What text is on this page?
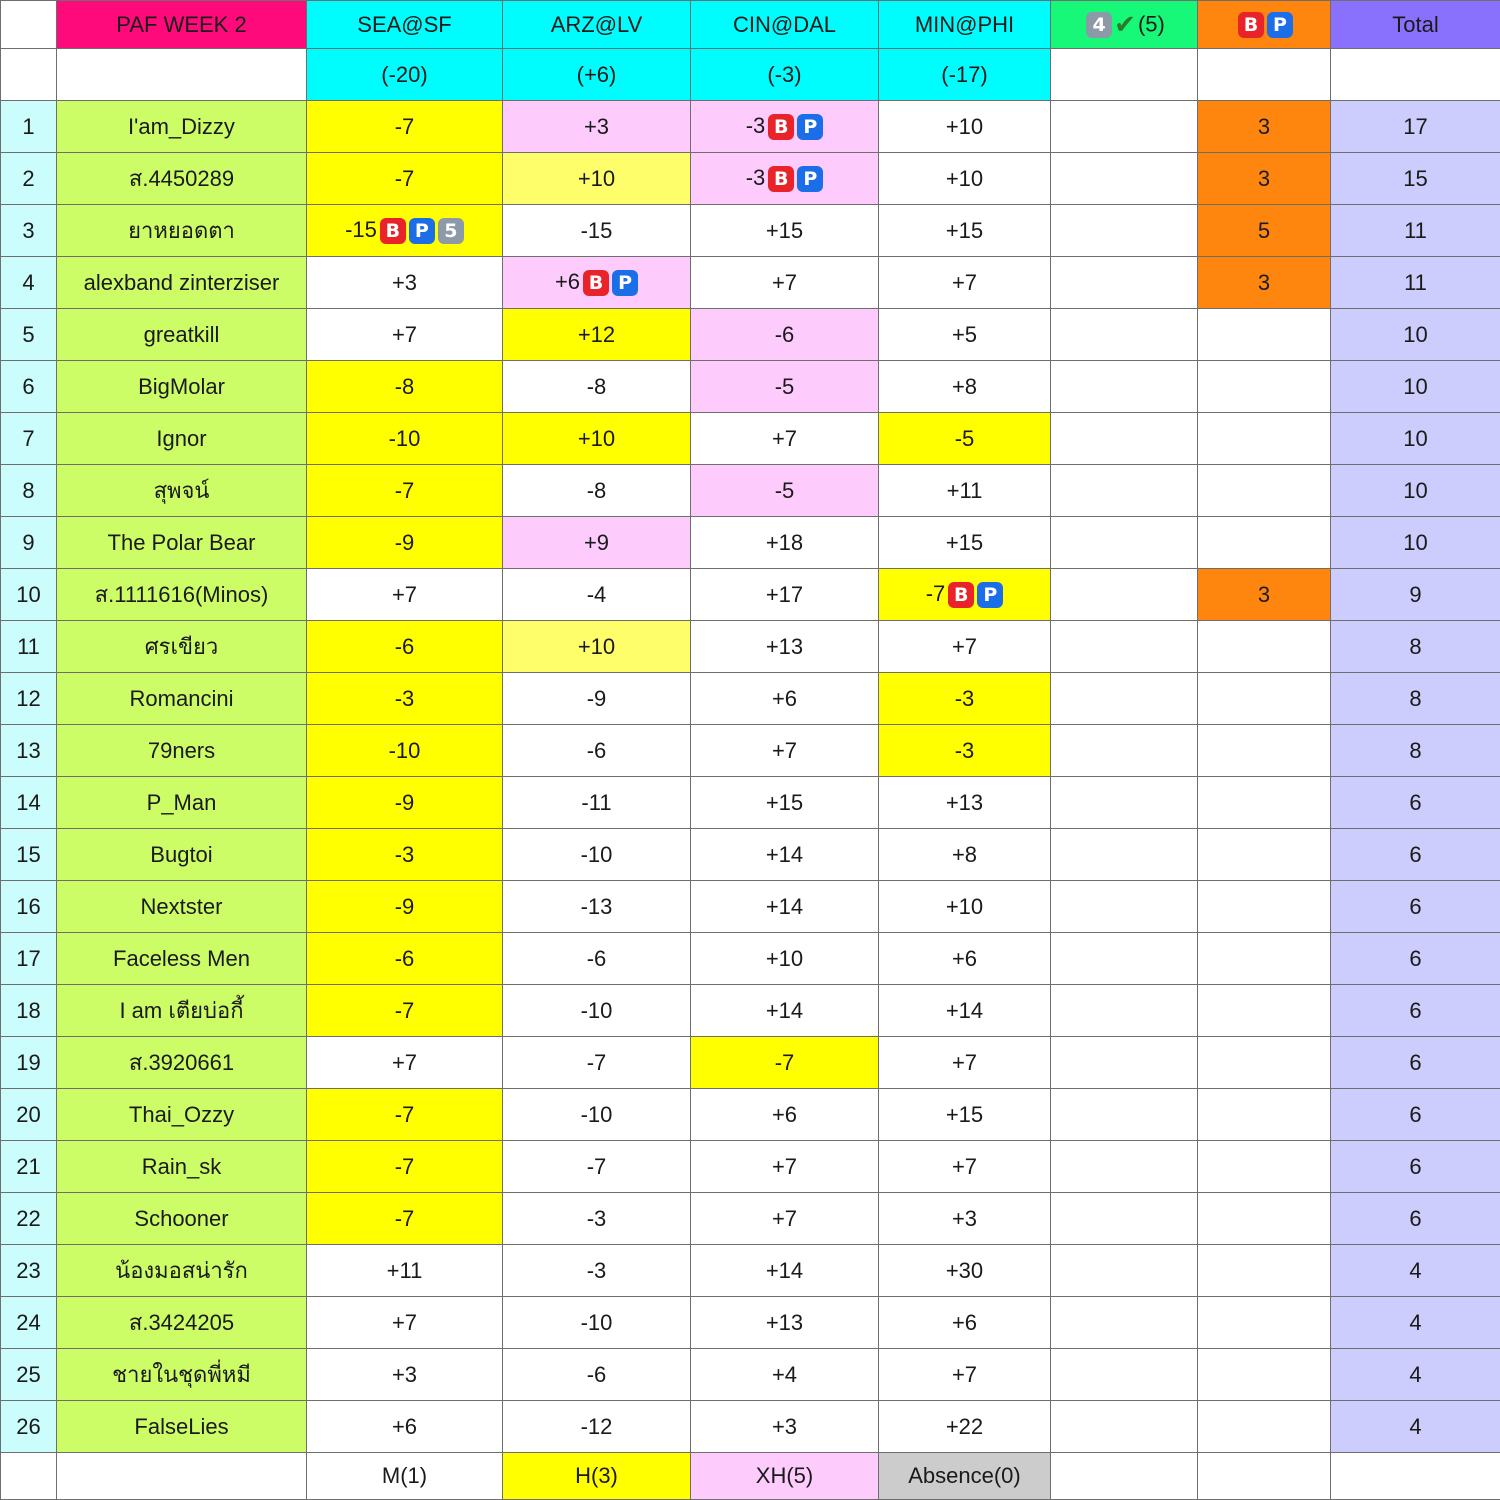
	PAF WEEK 2	SEA@SF	ARZ@LV	CIN@DAL	MIN@PHI	4 ✔(5)	B P	Total
		(-20)	(+6)	(-3)	(-17)			
1	I'am_Dizzy	-7	+3	-3 B P	+10		3	17
2	ส.4450289	-7	+10	-3 B P	+10		3	15
3	ยาหยอดตา	-15 B P 5	-15	+15	+15		5	11
4	alexband zinterziser	+3	+6 B P	+7	+7		3	11
5	greatkill	+7	+12	-6	+5			10
6	BigMolar	-8	-8	-5	+8			10
7	Ignor	-10	+10	+7	-5			10
8	สุพจน์	-7	-8	-5	+11			10
9	The Polar Bear	-9	+9	+18	+15			10
10	ส.1111616(Minos)	+7	-4	+17	-7 B P		3	9
11	ศรเขียว	-6	+10	+13	+7			8
12	Romancini	-3	-9	+6	-3			8
13	79ners	-10	-6	+7	-3			8
14	P_Man	-9	-11	+15	+13			6
15	Bugtoi	-3	-10	+14	+8			6
16	Nextster	-9	-13	+14	+10			6
17	Faceless Men	-6	-6	+10	+6			6
18	I am เตียบ่อกี้	-7	-10	+14	+14			6
19	ส.3920661	+7	-7	-7	+7			6
20	Thai_Ozzy	-7	-10	+6	+15			6
21	Rain_sk	-7	-7	+7	+7			6
22	Schooner	-7	-3	+7	+3			6
23	น้องมอสน่ารัก	+11	-3	+14	+30			4
24	ส.3424205	+7	-10	+13	+6			4
25	ชายในชุดพี่หมี	+3	-6	+4	+7			4
26	FalseLies	+6	-12	+3	+22			4
		M(1)	H(3)	XH(5)	Absence(0)			
